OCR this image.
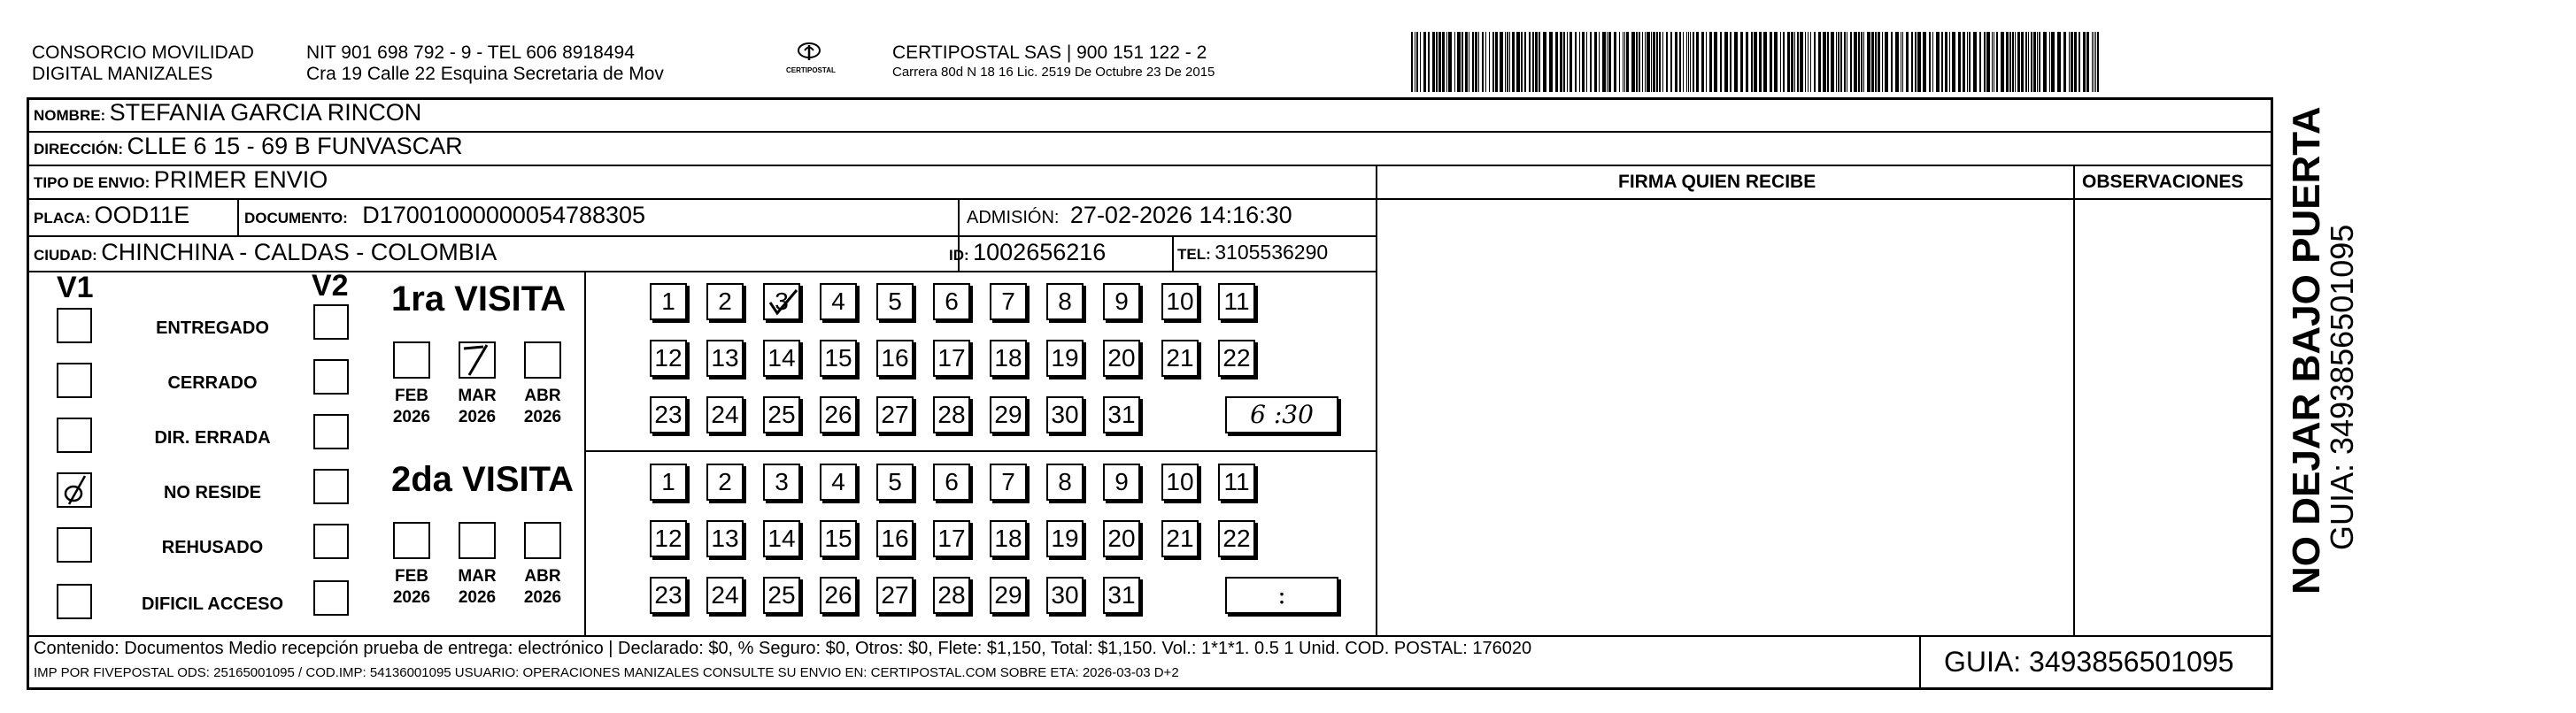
CONSORCIO MOVILIDAD
DIGITAL MANIZALES
NIT 901 698 792 - 9 - TEL 606 8918494
Cra 19 Calle 22 Esquina Secretaria de Mov	CERTIPOSTAL
CERTIPOSTAL SAS | 900 151 122 - 2
Carrera 80d N 18 16 Lic. 2519 De Octubre 23 De 2015
NOMBRE: STEFANIA GARCIA RINCON
DIRECCIÓN: CLLE 6 15 - 69 B FUNVASCAR
TIPO DE ENVIO: PRIMER ENVIO	FIRMA QUIEN RECIBE	OBSERVACIONES
PLACA: OOD11E	DOCUMENTO: D17001000000054788305	ADMISIÓN: 27-02-2026 14:16:30
CIUDAD: CHINCHINA - CALDAS - COLOMBIA	ID: 1002656216	TEL: 3105536290
V1	V2
ENTREGADO
CERRADO
DIR. ERRADA
NO RESIDE
REHUSADO
DIFICIL ACCESO
1ra VISITA
FEB
2026
MAR
2026
ABR
2026
1	2	3	4	5	6	7	8	9	10 11
12 13 14 15 16 17 18 19 20 21 22
23 24 25 26 27 28 29 30 31	6 :30
2da VISITA
FEB
2026
MAR
2026
ABR
2026
1	2	3	4	5	6	7	8	9	10 11
12 13 14 15 16 17 18 19 20 21 22
23 24 25 26 27 28 29 30 31	:
Contenido: Documentos Medio recepción prueba de entrega: electrónico | Declarado: $0, % Seguro: $0, Otros: $0, Flete: $1,150, Total: $1,150. Vol.: 1*1*1. 0.5 1 Unid. COD. POSTAL: 176020
IMP POR FIVEPOSTAL ODS: 25165001095 / COD.IMP: 54136001095 USUARIO: OPERACIONES MANIZALES CONSULTE SU ENVIO EN: CERTIPOSTAL.COM SOBRE ETA: 2026-03-03 D+2	GUIA: 3493856501095
NO DEJAR BAJO PUERTA
GUIA: 3493856501095
